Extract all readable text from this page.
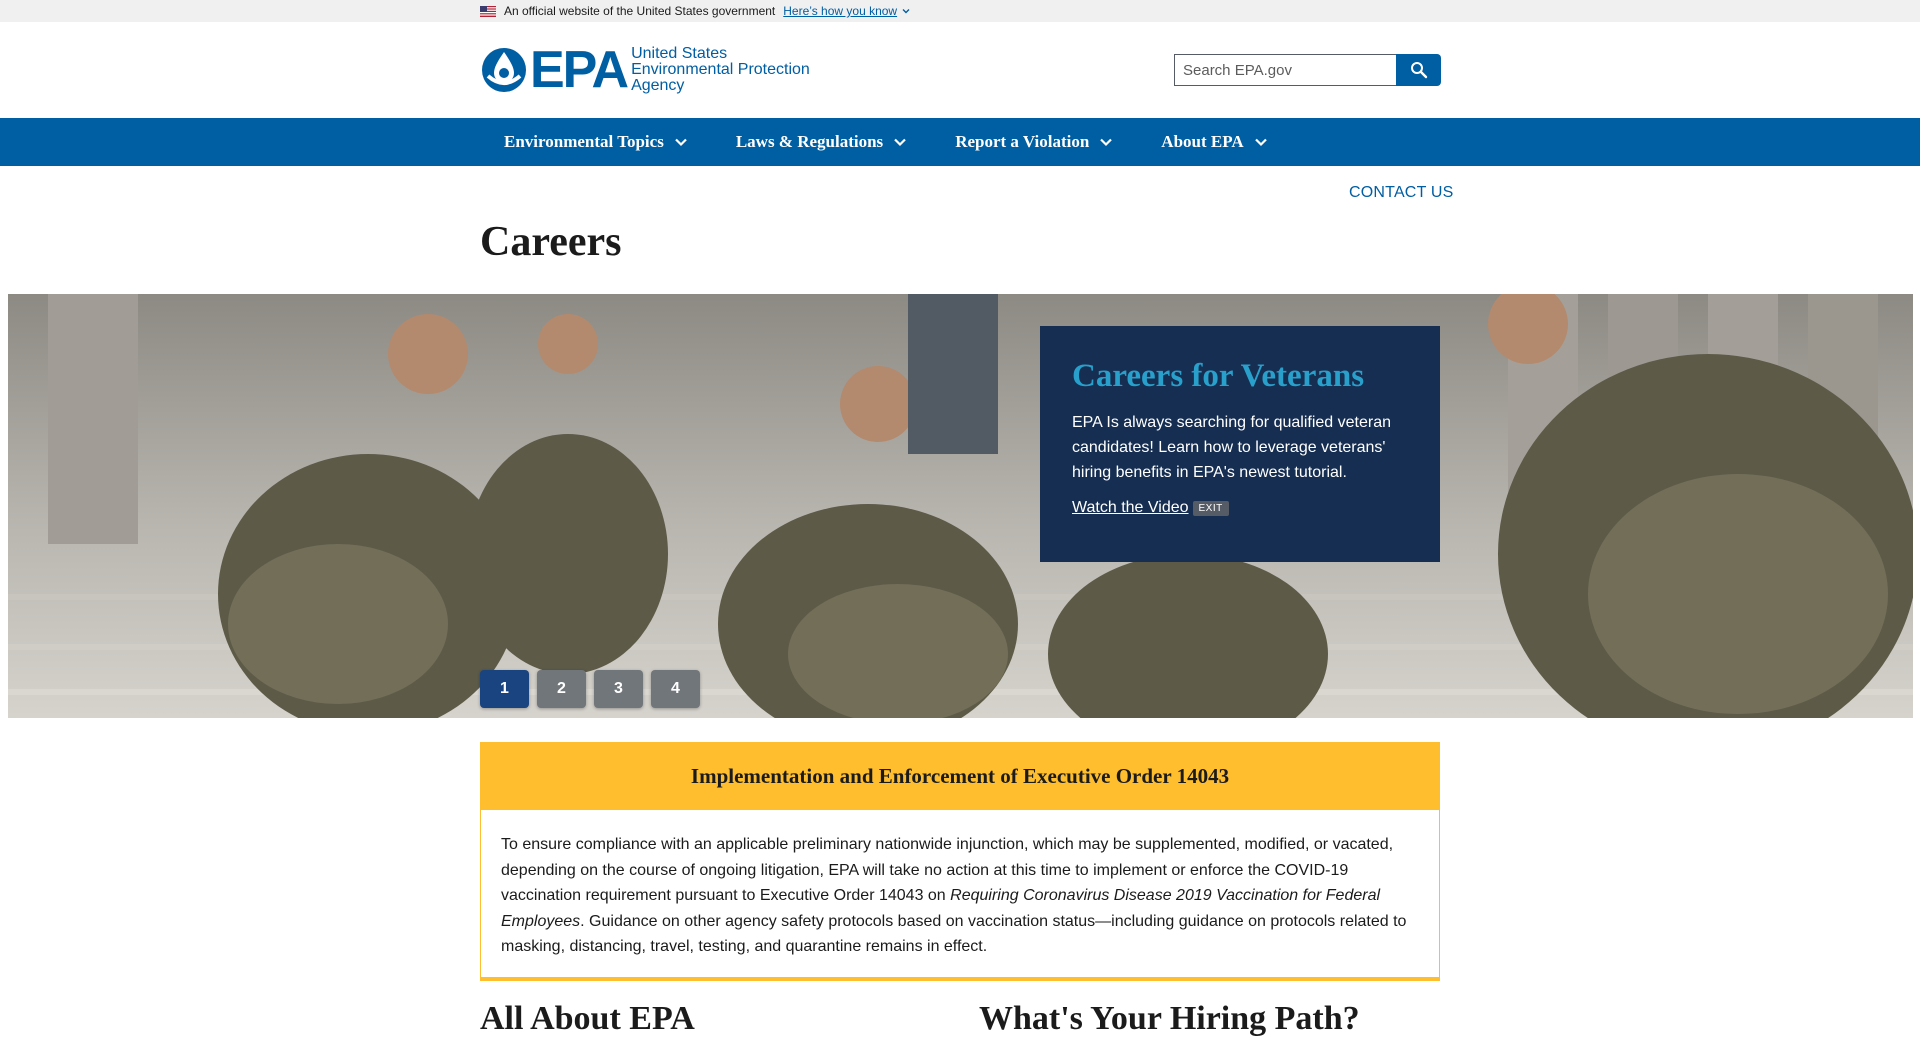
An official website of the United States government Here’s how you know
EPA United States
Environmental Protection
Agency
Search EPA.gov
Environmental Topics	Laws & Regulations	Report a Violation	About EPA
CONTACT US
Careers
Careers for Veterans
EPA Is always searching for qualified veteran candidates! Learn how to leverage veterans' hiring benefits in EPA's newest tutorial.
Watch the Video	EXIT
1	2	3	4
Implementation and Enforcement of Executive Order 14043
To ensure compliance with an applicable preliminary nationwide injunction, which may be supplemented, modified, or vacated, depending on the course of ongoing litigation, EPA will take no action at this time to implement or enforce the COVID-19 vaccination requirement pursuant to Executive Order 14043 on Requiring Coronavirus Disease 2019 Vaccination for Federal Employees. Guidance on other agency safety protocols based on vaccination status—including guidance on protocols related to masking, distancing, travel, testing, and quarantine remains in effect.
All About EPA	What's Your Hiring Path?
